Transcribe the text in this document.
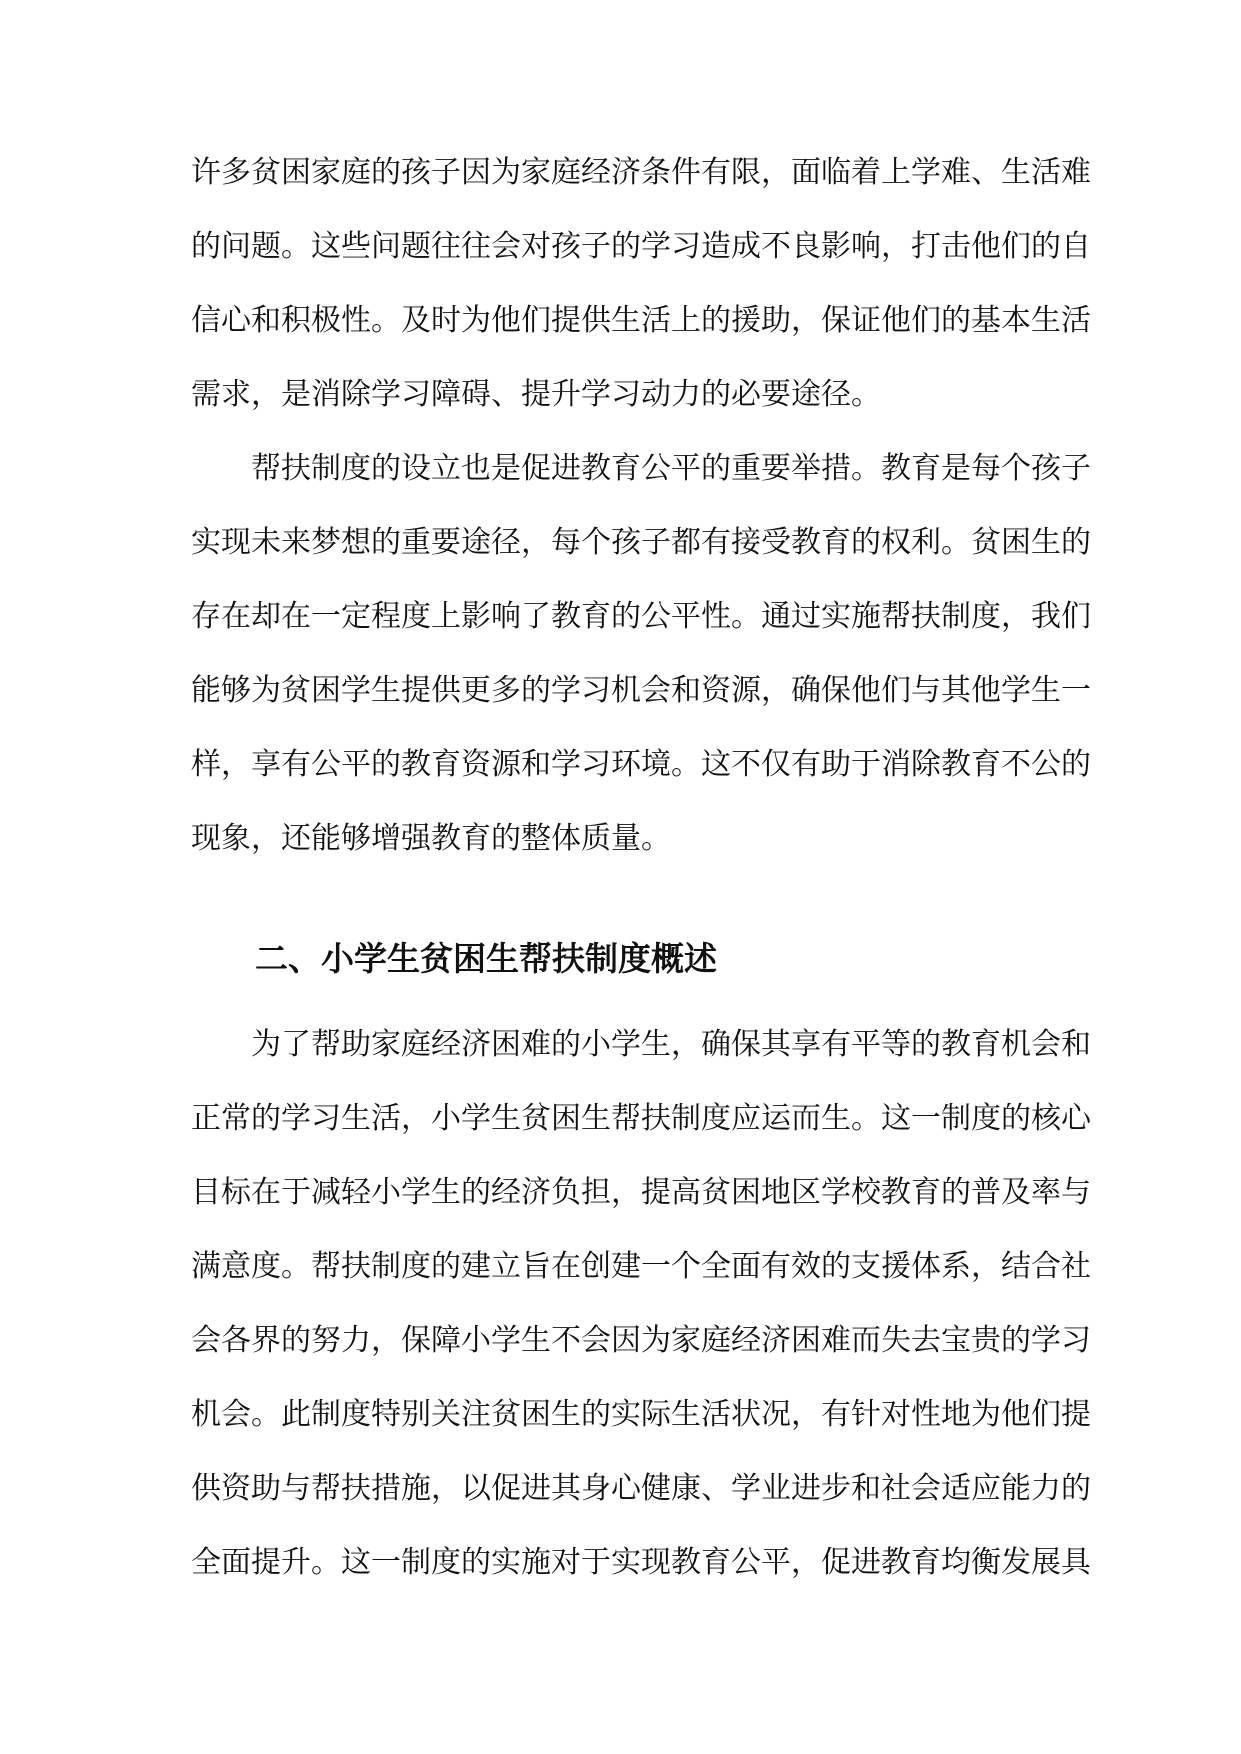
许多贫困家庭的孩子因为家庭经济条件有限，面临着上学难、生活难
的问题。这些问题往往会对孩子的学习造成不良影响，打击他们的自
信心和积极性。及时为他们提供生活上的援助，保证他们的基本生活
需求，是消除学习障碍、提升学习动力的必要途径。
帮扶制度的设立也是促进教育公平的重要举措。教育是每个孩子
实现未来梦想的重要途径，每个孩子都有接受教育的权利。贫困生的
存在却在一定程度上影响了教育的公平性。通过实施帮扶制度，我们
能够为贫困学生提供更多的学习机会和资源，确保他们与其他学生一
样，享有公平的教育资源和学习环境。这不仅有助于消除教育不公的
现象，还能够增强教育的整体质量。
二、小学生贫困生帮扶制度概述
为了帮助家庭经济困难的小学生，确保其享有平等的教育机会和
正常的学习生活，小学生贫困生帮扶制度应运而生。这一制度的核心
目标在于减轻小学生的经济负担，提高贫困地区学校教育的普及率与
满意度。帮扶制度的建立旨在创建一个全面有效的支援体系，结合社
会各界的努力，保障小学生不会因为家庭经济困难而失去宝贵的学习
机会。此制度特别关注贫困生的实际生活状况，有针对性地为他们提
供资助与帮扶措施，以促进其身心健康、学业进步和社会适应能力的
全面提升。这一制度的实施对于实现教育公平，促进教育均衡发展具
